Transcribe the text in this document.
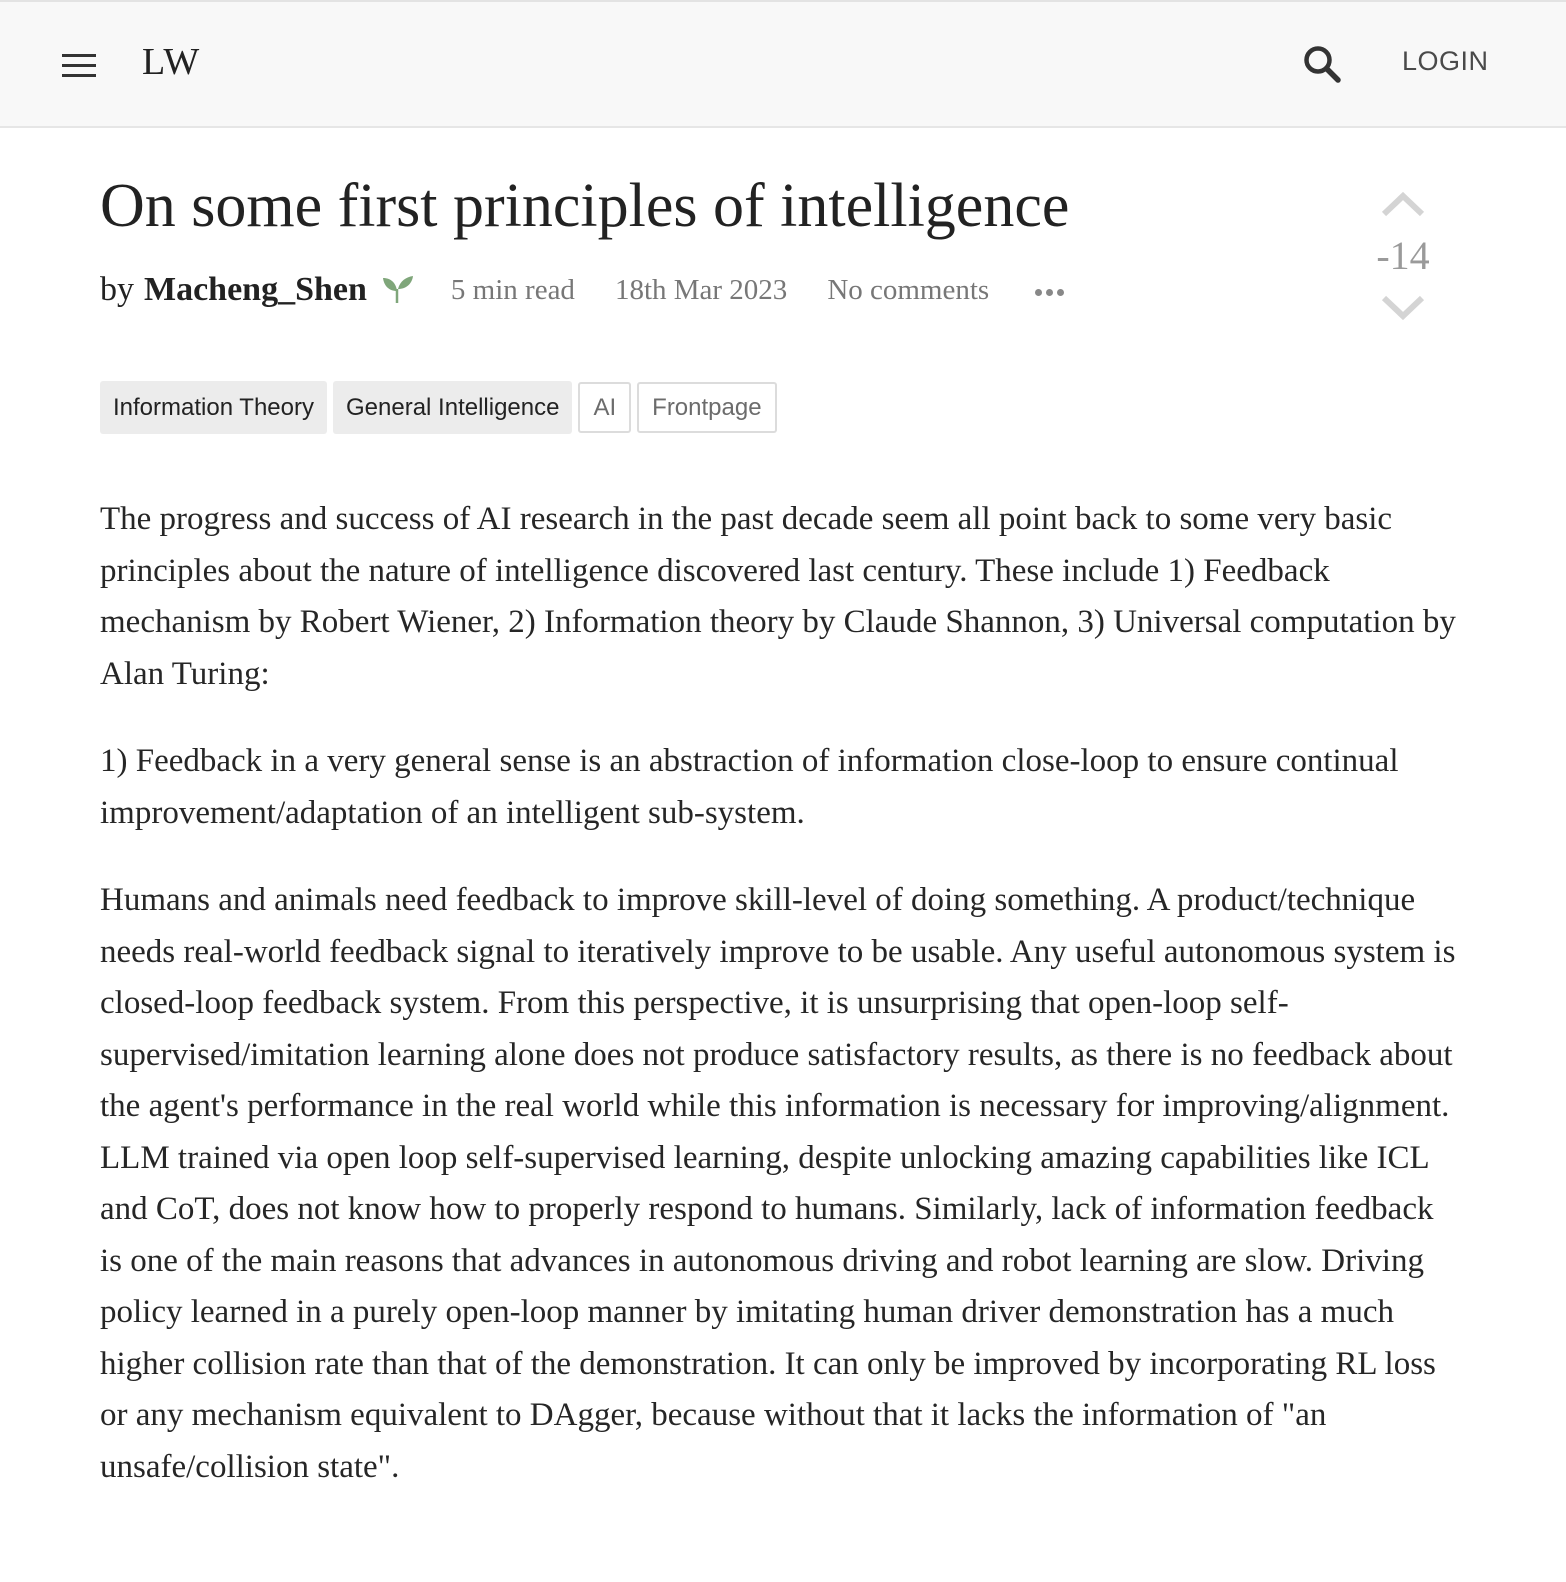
LW	LOGIN
On some first principles of intelligence
by Macheng_Shen	5 min read 18th Mar 2023 No comments
-14
Information Theory	General Intelligence	AI	Frontpage

The progress and success of AI research in the past decade seem all point back to some very basic principles about the nature of intelligence discovered last century. These include 1) Feedback mechanism by Robert Wiener, 2) Information theory by Claude Shannon, 3) Universal computation by Alan Turing:

1) Feedback in a very general sense is an abstraction of information close-loop to ensure continual improvement/adaptation of an intelligent sub-system.

Humans and animals need feedback to improve skill-level of doing something. A product/technique needs real-world feedback signal to iteratively improve to be usable. Any useful autonomous system is closed-loop feedback system. From this perspective, it is unsurprising that open-loop self-supervised/imitation learning alone does not produce satisfactory results, as there is no feedback about the agent's performance in the real world while this information is necessary for improving/alignment. LLM trained via open loop self-supervised learning, despite unlocking amazing capabilities like ICL and CoT, does not know how to properly respond to humans. Similarly, lack of information feedback is one of the main reasons that advances in autonomous driving and robot learning are slow. Driving policy learned in a purely open-loop manner by imitating human driver demonstration has a much higher collision rate than that of the demonstration. It can only be improved by incorporating RL loss or any mechanism equivalent to DAgger, because without that it lacks the information of "an unsafe/collision state".
